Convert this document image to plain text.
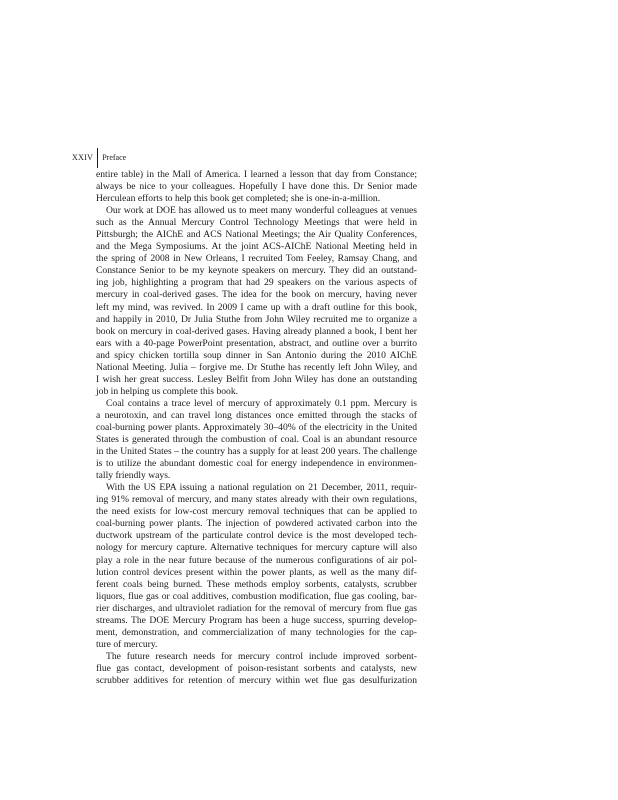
XXIV Preface
entire table) in the Mall of America. I learned a lesson that day from Constance;
always be nice to your colleagues. Hopefully I have done this. Dr Senior made
Herculean efforts to help this book get completed; she is one-in-a-million.
Our work at DOE has allowed us to meet many wonderful colleagues at venues
such as the Annual Mercury Control Technology Meetings that were held in
Pittsburgh; the AIChE and ACS National Meetings; the Air Quality Conferences,
and the Mega Symposiums. At the joint ACS-AIChE National Meeting held in
the spring of 2008 in New Orleans, I recruited Tom Feeley, Ramsay Chang, and
Constance Senior to be my keynote speakers on mercury. They did an outstand-
ing job, highlighting a program that had 29 speakers on the various aspects of
mercury in coal-derived gases. The idea for the book on mercury, having never
left my mind, was revived. In 2009 I came up with a draft outline for this book,
and happily in 2010, Dr Julia Stuthe from John Wiley recruited me to organize a
book on mercury in coal-derived gases. Having already planned a book, I bent her
ears with a 40-page PowerPoint presentation, abstract, and outline over a burrito
and spicy chicken tortilla soup dinner in San Antonio during the 2010 AIChE
National Meeting. Julia – forgive me. Dr Stuthe has recently left John Wiley, and
I wish her great success. Lesley Belfit from John Wiley has done an outstanding
job in helping us complete this book.
Coal contains a trace level of mercury of approximately 0.1 ppm. Mercury is
a neurotoxin, and can travel long distances once emitted through the stacks of
coal-burning power plants. Approximately 30–40% of the electricity in the United
States is generated through the combustion of coal. Coal is an abundant resource
in the United States – the country has a supply for at least 200 years. The challenge
is to utilize the abundant domestic coal for energy independence in environmen-
tally friendly ways.
With the US EPA issuing a national regulation on 21 December, 2011, requir-
ing 91% removal of mercury, and many states already with their own regulations,
the need exists for low-cost mercury removal techniques that can be applied to
coal-burning power plants. The injection of powdered activated carbon into the
ductwork upstream of the particulate control device is the most developed tech-
nology for mercury capture. Alternative techniques for mercury capture will also
play a role in the near future because of the numerous configurations of air pol-
lution control devices present within the power plants, as well as the many dif-
ferent coals being burned. These methods employ sorbents, catalysts, scrubber
liquors, flue gas or coal additives, combustion modification, flue gas cooling, bar-
rier discharges, and ultraviolet radiation for the removal of mercury from flue gas
streams. The DOE Mercury Program has been a huge success, spurring develop-
ment, demonstration, and commercialization of many technologies for the cap-
ture of mercury.
The future research needs for mercury control include improved sorbent-
flue gas contact, development of poison-resistant sorbents and catalysts, new
scrubber additives for retention of mercury within wet flue gas desulfurization
